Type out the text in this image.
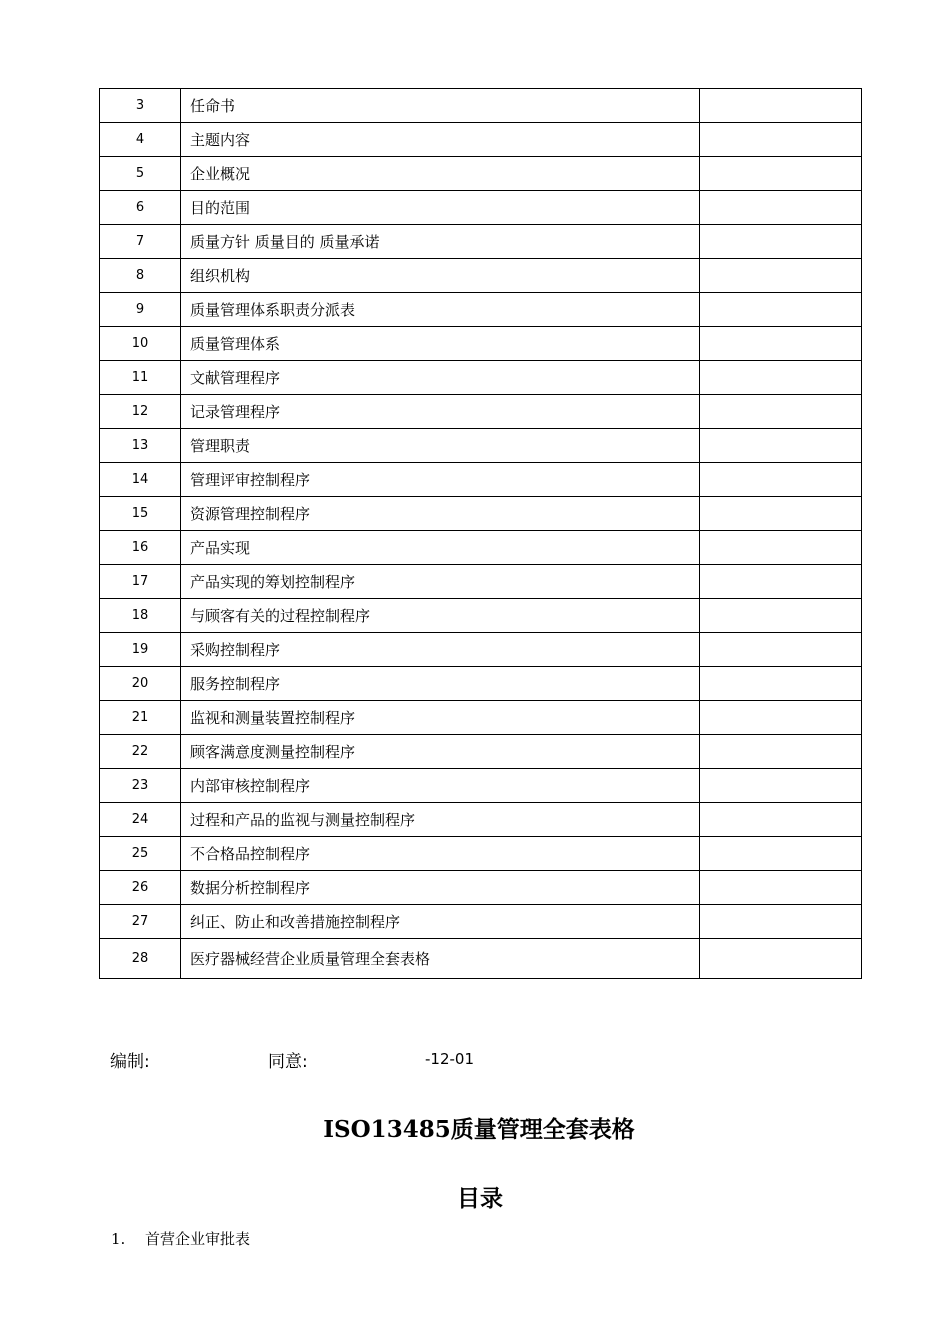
3	任命书	
4	主题内容	
5	企业概况	
6	目的范围	
7	质量方针 质量目的 质量承诺	
8	组织机构	
9	质量管理体系职责分派表	
10	质量管理体系	
11	文献管理程序	
12	记录管理程序	
13	管理职责	
14	管理评审控制程序	
15	资源管理控制程序	
16	产品实现	
17	产品实现的筹划控制程序	
18	与顾客有关的过程控制程序	
19	采购控制程序	
20	服务控制程序	
21	监视和测量装置控制程序	
22	顾客满意度测量控制程序	
23	内部审核控制程序	
24	过程和产品的监视与测量控制程序	
25	不合格品控制程序	
26	数据分析控制程序	
27	纠正、防止和改善措施控制程序	
28	医疗器械经营企业质量管理全套表格	
编制:	同意:	-12-01
ISO13485质量管理全套表格
目录
1. 首营企业审批表
